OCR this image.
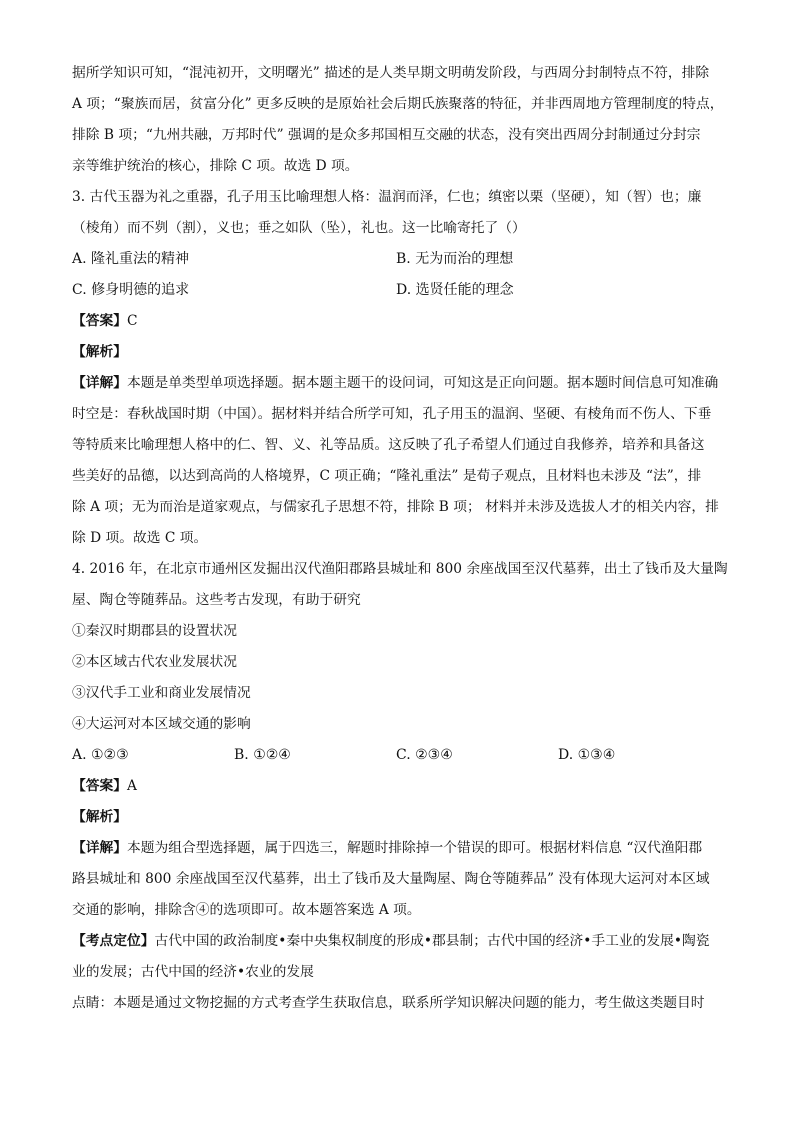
据所学知识可知，“混沌初开，文明曙光” 描述的是人类早期文明萌发阶段，与西周分封制特点不符，排除
A 项；“聚族而居，贫富分化” 更多反映的是原始社会后期氏族聚落的特征，并非西周地方管理制度的特点，
排除 B 项；“九州共融，万邦时代” 强调的是众多邦国相互交融的状态，没有突出西周分封制通过分封宗
亲等维护统治的核心，排除 C 项。故选 D 项。
3. 古代玉器为礼之重器，孔子用玉比喻理想人格：温润而泽，仁也；缜密以栗（坚硬），知（智）也；廉
（棱角）而不刿（割），义也；垂之如队（坠），礼也。这一比喻寄托了（）
A. 隆礼重法的精神	B. 无为而治的理想
C. 修身明德的追求	D. 选贤任能的理念
【答案】C
【解析】
【详解】本题是单类型单项选择题。据本题主题干的设问词，可知这是正向问题。据本题时间信息可知准确
时空是：春秋战国时期（中国）。据材料并结合所学可知，孔子用玉的温润、坚硬、有棱角而不伤人、下垂
等特质来比喻理想人格中的仁、智、义、礼等品质。这反映了孔子希望人们通过自我修养，培养和具备这
些美好的品德，以达到高尚的人格境界，C 项正确；“隆礼重法” 是荀子观点，且材料也未涉及 “法”，排
除 A 项；无为而治是道家观点，与儒家孔子思想不符，排除 B 项； 材料并未涉及选拔人才的相关内容，排
除 D 项。故选 C 项。
4. 2016 年，在北京市通州区发掘出汉代渔阳郡路县城址和 800 余座战国至汉代墓葬，出土了钱币及大量陶
屋、陶仓等随葬品。这些考古发现，有助于研究
①秦汉时期郡县的设置状况
②本区域古代农业发展状况
③汉代手工业和商业发展情况
④大运河对本区域交通的影响
A. ①②③	B. ①②④	C. ②③④	D. ①③④
【答案】A
【解析】
【详解】本题为组合型选择题，属于四选三，解题时排除掉一个错误的即可。根据材料信息 “汉代渔阳郡
路县城址和 800 余座战国至汉代墓葬，出土了钱币及大量陶屋、陶仓等随葬品” 没有体现大运河对本区域
交通的影响，排除含④的选项即可。故本题答案选 A 项。
【考点定位】古代中国的政治制度•秦中央集权制度的形成•郡县制；古代中国的经济•手工业的发展•陶瓷
业的发展；古代中国的经济•农业的发展
点睛：本题是通过文物挖掘的方式考查学生获取信息，联系所学知识解决问题的能力，考生做这类题目时
